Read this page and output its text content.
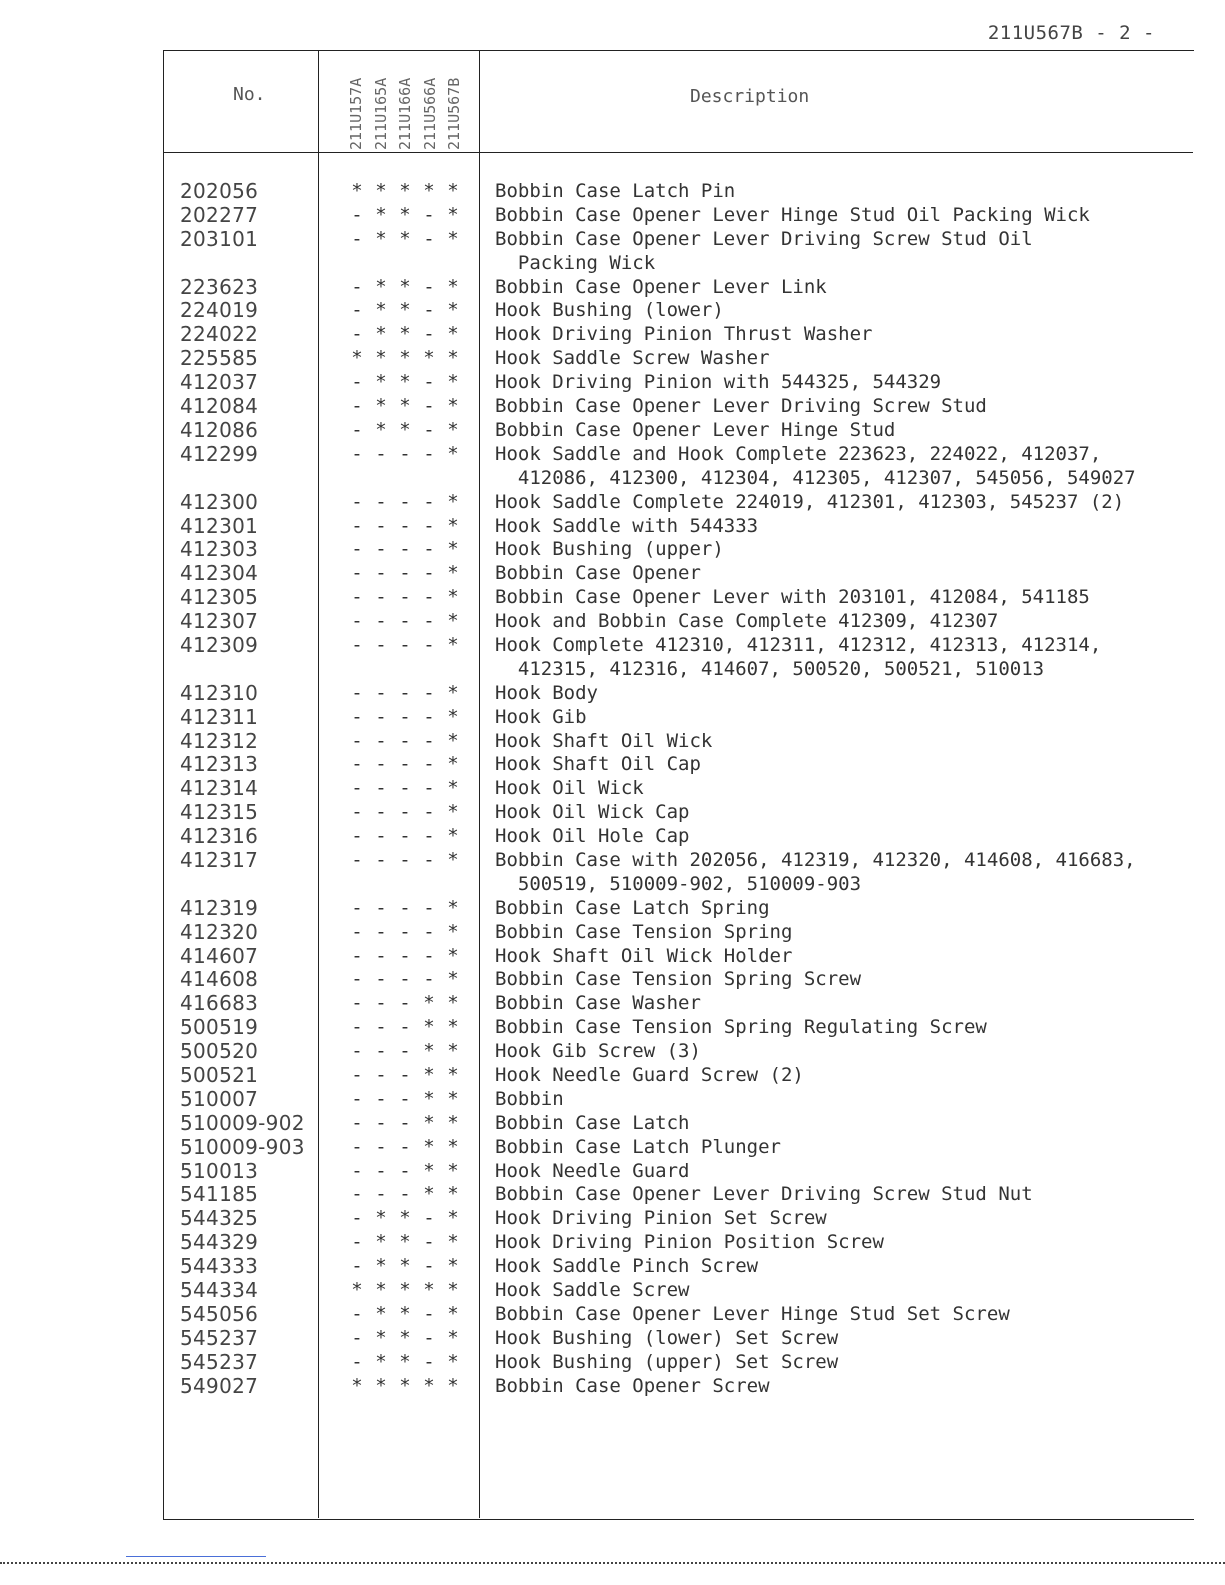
211U567B - 2 -
No.	211U157A 211U165A 211U166A 211U566A 211U567B	Description
202056	* * * * * Bobbin Case Latch Pin
202277	- * * - * Bobbin Case Opener Lever Hinge Stud Oil Packing Wick
203101	- * * - * Bobbin Case Opener Lever Driving Screw Stud Oil
Packing Wick
223623	- * * - * Bobbin Case Opener Lever Link
224019	- * * - * Hook Bushing (lower)
224022	- * * - * Hook Driving Pinion Thrust Washer
225585	* * * * * Hook Saddle Screw Washer
412037	- * * - * Hook Driving Pinion with 544325, 544329
412084	- * * - * Bobbin Case Opener Lever Driving Screw Stud
412086	- * * - * Bobbin Case Opener Lever Hinge Stud
412299	- - - - * Hook Saddle and Hook Complete 223623, 224022, 412037,
412086, 412300, 412304, 412305, 412307, 545056, 549027
412300	- - - - * Hook Saddle Complete 224019, 412301, 412303, 545237 (2)
412301	- - - - * Hook Saddle with 544333
412303	- - - - * Hook Bushing (upper)
412304	- - - - * Bobbin Case Opener
412305	- - - - * Bobbin Case Opener Lever with 203101, 412084, 541185
412307	- - - - * Hook and Bobbin Case Complete 412309, 412307
412309	- - - - * Hook Complete 412310, 412311, 412312, 412313, 412314,
412315, 412316, 414607, 500520, 500521, 510013
412310	- - - - * Hook Body
412311	- - - - * Hook Gib
412312	- - - - * Hook Shaft Oil Wick
412313	- - - - * Hook Shaft Oil Cap
412314	- - - - * Hook Oil Wick
412315	- - - - * Hook Oil Wick Cap
412316	- - - - * Hook Oil Hole Cap
412317	- - - - * Bobbin Case with 202056, 412319, 412320, 414608, 416683,
500519, 510009-902, 510009-903
412319	- - - - * Bobbin Case Latch Spring
412320	- - - - * Bobbin Case Tension Spring
414607	- - - - * Hook Shaft Oil Wick Holder
414608	- - - - * Bobbin Case Tension Spring Screw
416683	- - - * * Bobbin Case Washer
500519	- - - * * Bobbin Case Tension Spring Regulating Screw
500520	- - - * * Hook Gib Screw (3)
500521	- - - * * Hook Needle Guard Screw (2)
510007	- - - * * Bobbin
510009-902 - - - * * Bobbin Case Latch
510009-903 - - - * * Bobbin Case Latch Plunger
510013	- - - * * Hook Needle Guard
541185	- - - * * Bobbin Case Opener Lever Driving Screw Stud Nut
544325	- * * - * Hook Driving Pinion Set Screw
544329	- * * - * Hook Driving Pinion Position Screw
544333	- * * - * Hook Saddle Pinch Screw
544334	* * * * * Hook Saddle Screw
545056	- * * - * Bobbin Case Opener Lever Hinge Stud Set Screw
545237	- * * - * Hook Bushing (lower) Set Screw
545237	- * * - * Hook Bushing (upper) Set Screw
549027	* * * * * Bobbin Case Opener Screw
